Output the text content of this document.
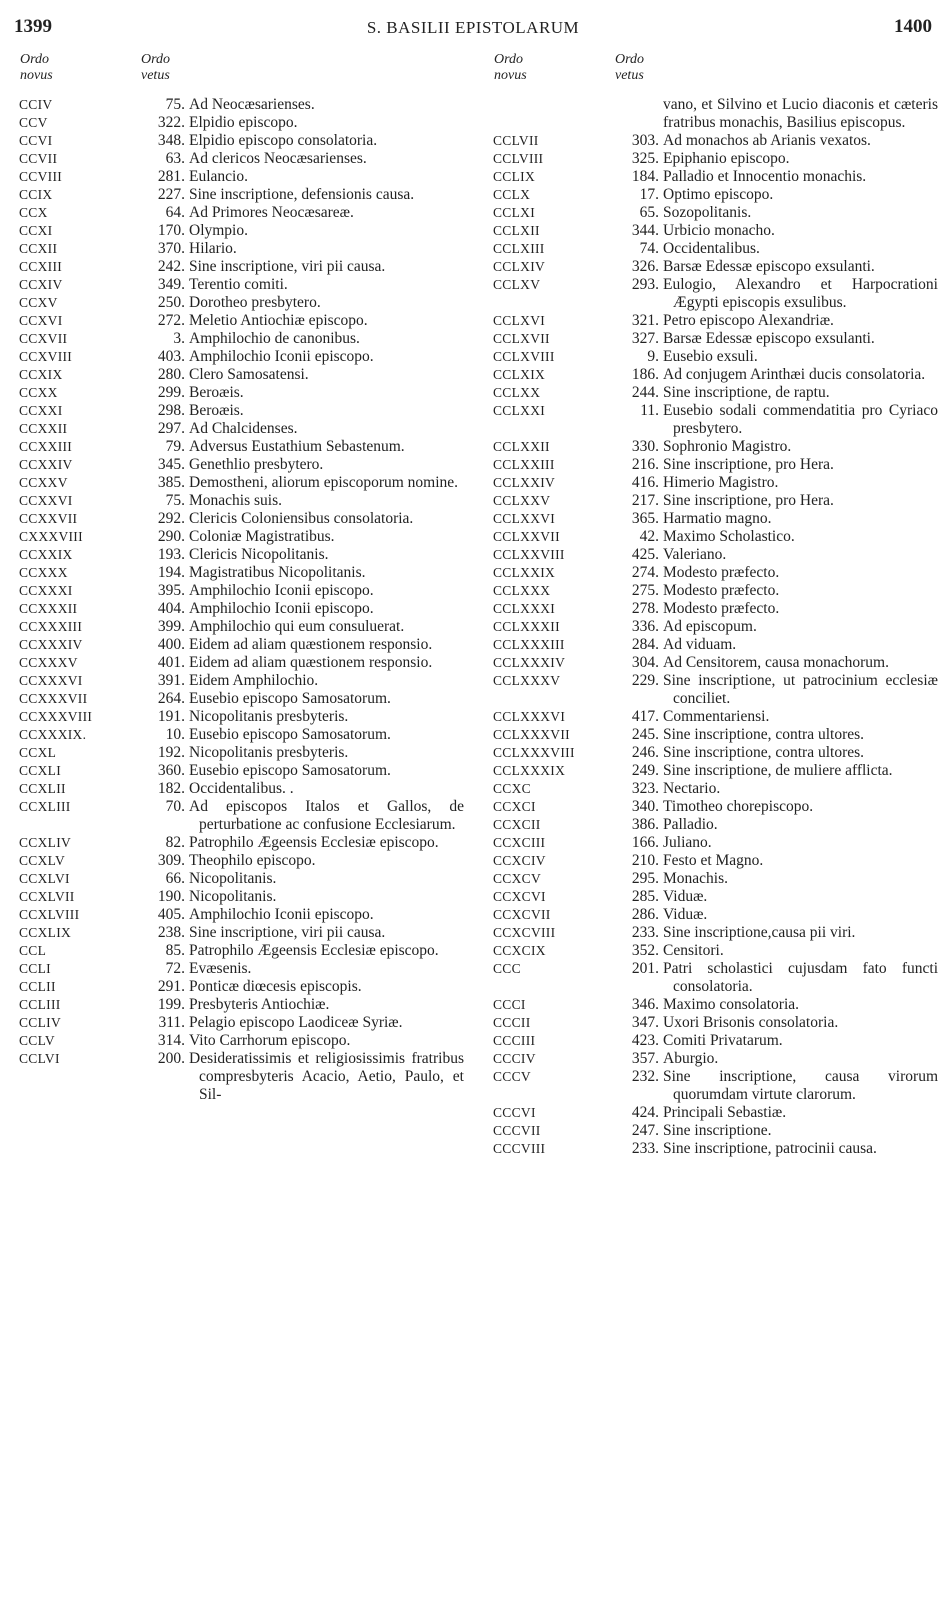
1399	S. BASILII EPISTOLARUM	1400
Ordo
novus
Ordo
vetus
CCIV	75. Ad Neocæsarienses.
CCV	322. Elpidio episcopo.
CCVI	348. Elpidio episcopo consolatoria.
CCVII	63. Ad clericos Neocæsarienses.
CCVIII	281. Eulancio.
CCIX	227. Sine inscriptione, defensionis causa.
CCX	64. Ad Primores Neocæsareæ.
CCXI	170. Olympio.
CCXII	370. Hilario.
CCXIII	242. Sine inscriptione, viri pii causa.
CCXIV	349. Terentio comiti.
CCXV	250. Dorotheo presbytero.
CCXVI	272. Meletio Antiochiæ episcopo.
CCXVII	3. Amphilochio de canonibus.
CCXVIII	403. Amphilochio Iconii episcopo.
CCXIX	280. Clero Samosatensi.
CCXX	299. Beroæis.
CCXXI	298. Beroæis.
CCXXII	297. Ad Chalcidenses.
CCXXIII	79. Adversus Eustathium Sebastenum.
CCXXIV	345. Genethlio presbytero.
CCXXV	385. Demostheni, aliorum episcoporum nomine.
CCXXVI	75. Monachis suis.
CCXXVII	292. Clericis Coloniensibus consolatoria.
CXXXVIII	290. Coloniæ Magistratibus.
CCXXIX	193. Clericis Nicopolitanis.
CCXXX	194. Magistratibus Nicopolitanis.
CCXXXI	395. Amphilochio Iconii episcopo.
CCXXXII	404. Amphilochio Iconii episcopo.
CCXXXIII	399. Amphilochio qui eum consuluerat.
CCXXXIV	400. Eidem ad aliam quæstionem responsio.
CCXXXV	401. Eidem ad aliam quæstionem responsio.
CCXXXVI	391. Eidem Amphilochio.
CCXXXVII	264. Eusebio episcopo Samosatorum.
CCXXXVIII	191. Nicopolitanis presbyteris.
CCXXXIX.	10. Eusebio episcopo Samosatorum.
CCXL	192. Nicopolitanis presbyteris.
CCXLI	360. Eusebio episcopo Samosatorum.
CCXLII	182. Occidentalibus. .
CCXLIII	70. Ad episcopos Italos et Gallos, de perturbatione ac confusione Ecclesiarum.
CCXLIV	82. Patrophilo Ægeensis Ecclesiæ episcopo.
CCXLV	309. Theophilo episcopo.
CCXLVI	66. Nicopolitanis.
CCXLVII	190. Nicopolitanis.
CCXLVIII	405. Amphilochio Iconii episcopo.
CCXLIX	238. Sine inscriptione, viri pii causa.
CCL	85. Patrophilo Ægeensis Ecclesiæ episcopo.
CCLI	72. Evæsenis.
CCLII	291. Ponticæ diœcesis episcopis.
CCLIII	199. Presbyteris Antiochiæ.
CCLIV	311. Pelagio episcopo Laodiceæ Syriæ.
CCLV	314. Vito Carrhorum episcopo.
CCLVI	200. Desideratissimis et religiosissimis fratribus compresbyteris Acacio, Aetio, Paulo, et Sil-
Ordo
novus
Ordo
vetus
vano, et Silvino et Lucio diaconis et cæteris fratribus monachis, Basilius episcopus.
CCLVII	303. Ad monachos ab Arianis vexatos.
CCLVIII	325. Epiphanio episcopo.
CCLIX	184. Palladio et Innocentio monachis.
CCLX	17. Optimo episcopo.
CCLXI	65. Sozopolitanis.
CCLXII	344. Urbicio monacho.
CCLXIII	74. Occidentalibus.
CCLXIV	326. Barsæ Edessæ episcopo exsulanti.
CCLXV	293. Eulogio, Alexandro et Harpocrationi Ægypti episcopis exsulibus.
CCLXVI	321. Petro episcopo Alexandriæ.
CCLXVII	327. Barsæ Edessæ episcopo exsulanti.
CCLXVIII	9. Eusebio exsuli.
CCLXIX	186. Ad conjugem Arinthæi ducis consolatoria.
CCLXX	244. Sine inscriptione, de raptu.
CCLXXI	11. Eusebio sodali commendatitia pro Cyriaco presbytero.
CCLXXII	330. Sophronio Magistro.
CCLXXIII	216. Sine inscriptione, pro Hera.
CCLXXIV	416. Himerio Magistro.
CCLXXV	217. Sine inscriptione, pro Hera.
CCLXXVI	365. Harmatio magno.
CCLXXVII	42. Maximo Scholastico.
CCLXXVIII	425. Valeriano.
CCLXXIX	274. Modesto præfecto.
CCLXXX	275. Modesto præfecto.
CCLXXXI	278. Modesto præfecto.
CCLXXXII	336. Ad episcopum.
CCLXXXIII	284. Ad viduam.
CCLXXXIV	304. Ad Censitorem, causa monachorum.
CCLXXXV	229. Sine inscriptione, ut patrocinium ecclesiæ conciliet.
CCLXXXVI	417. Commentariensi.
CCLXXXVII	245. Sine inscriptione, contra ultores.
CCLXXXVIII	246. Sine inscriptione, contra ultores.
CCLXXXIX	249. Sine inscriptione, de muliere afflicta.
CCXC	323. Nectario.
CCXCI	340. Timotheo chorepiscopo.
CCXCII	386. Palladio.
CCXCIII	166. Juliano.
CCXCIV	210. Festo et Magno.
CCXCV	295. Monachis.
CCXCVI	285. Viduæ.
CCXCVII	286. Viduæ.
CCXCVIII	233. Sine inscriptione,causa pii viri.
CCXCIX	352. Censitori.
CCC	201. Patri scholastici cujusdam fato functi consolatoria.
CCCI	346. Maximo consolatoria.
CCCII	347. Uxori Brisonis consolatoria.
CCCIII	423. Comiti Privatarum.
CCCIV	357. Aburgio.
CCCV	232. Sine inscriptione, causa virorum quorumdam virtute clarorum.
CCCVI	424. Principali Sebastiæ.
CCCVII	247. Sine inscriptione.
CCCVIII	233. Sine inscriptione, patrocinii causa.
